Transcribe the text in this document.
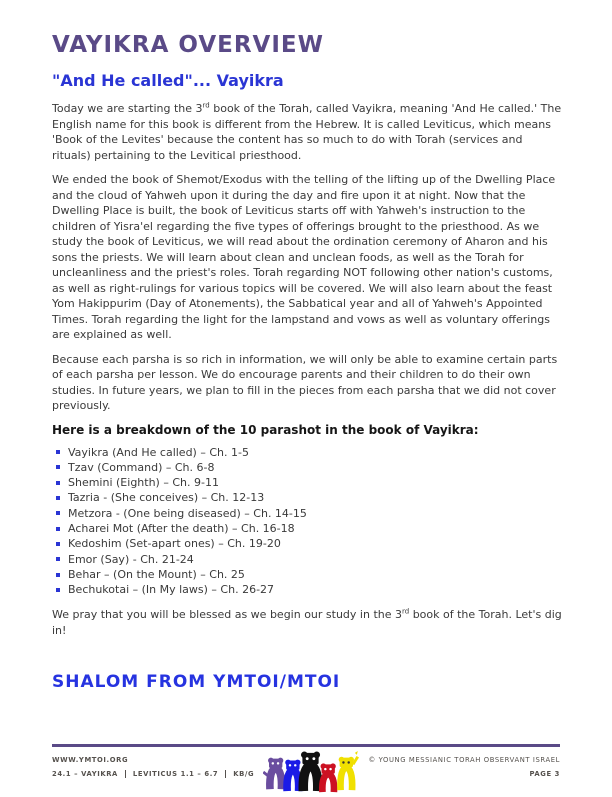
VAYIKRA OVERVIEW
"And He called"... Vayikra

Today we are starting the 3rd book of the Torah, called Vayikra, meaning 'And He called.' The English name for this book is different from the Hebrew. It is called Leviticus, which means 'Book of the Levites' because the content has so much to do with Torah (services and rituals) pertaining to the Levitical priesthood.

We ended the book of Shemot/Exodus with the telling of the lifting up of the Dwelling Place and the cloud of Yahweh upon it during the day and fire upon it at night. Now that the Dwelling Place is built, the book of Leviticus starts off with Yahweh's instruction to the children of Yisra'el regarding the five types of offerings brought to the priesthood. As we study the book of Leviticus, we will read about the ordination ceremony of Aharon and his sons the priests. We will learn about clean and unclean foods, as well as the Torah for uncleanliness and the priest's roles. Torah regarding NOT following other nation's customs, as well as right-rulings for various topics will be covered. We will also learn about the feast Yom Hakippurim (Day of Atonements), the Sabbatical year and all of Yahweh's Appointed Times. Torah regarding the light for the lampstand and vows as well as voluntary offerings are explained as well.

Because each parsha is so rich in information, we will only be able to examine certain parts of each parsha per lesson. We do encourage parents and their children to do their own studies. In future years, we plan to fill in the pieces from each parsha that we did not cover previously.

Here is a breakdown of the 10 parashot in the book of Vayikra:
Vayikra (And He called) – Ch. 1-5
Tzav (Command) – Ch. 6-8
Shemini (Eighth) – Ch. 9-11
Tazria - (She conceives) – Ch. 12-13
Metzora - (One being diseased) – Ch. 14-15
Acharei Mot (After the death) – Ch. 16-18
Kedoshim (Set-apart ones) – Ch. 19-20
Emor (Say) - Ch. 21-24
Behar – (On the Mount) – Ch. 25
Bechukotai – (In My laws) – Ch. 26-27

We pray that you will be blessed as we begin our study in the 3rd book of the Torah. Let's dig in!

SHALOM FROM YMTOI/MTOI
WWW.YMTOI.ORG
24.1 – VAYIKRA LEVITICUS 1.1 – 6.7 KB/G
© YOUNG MESSIANIC TORAH OBSERVANT ISRAEL
PAGE 3
